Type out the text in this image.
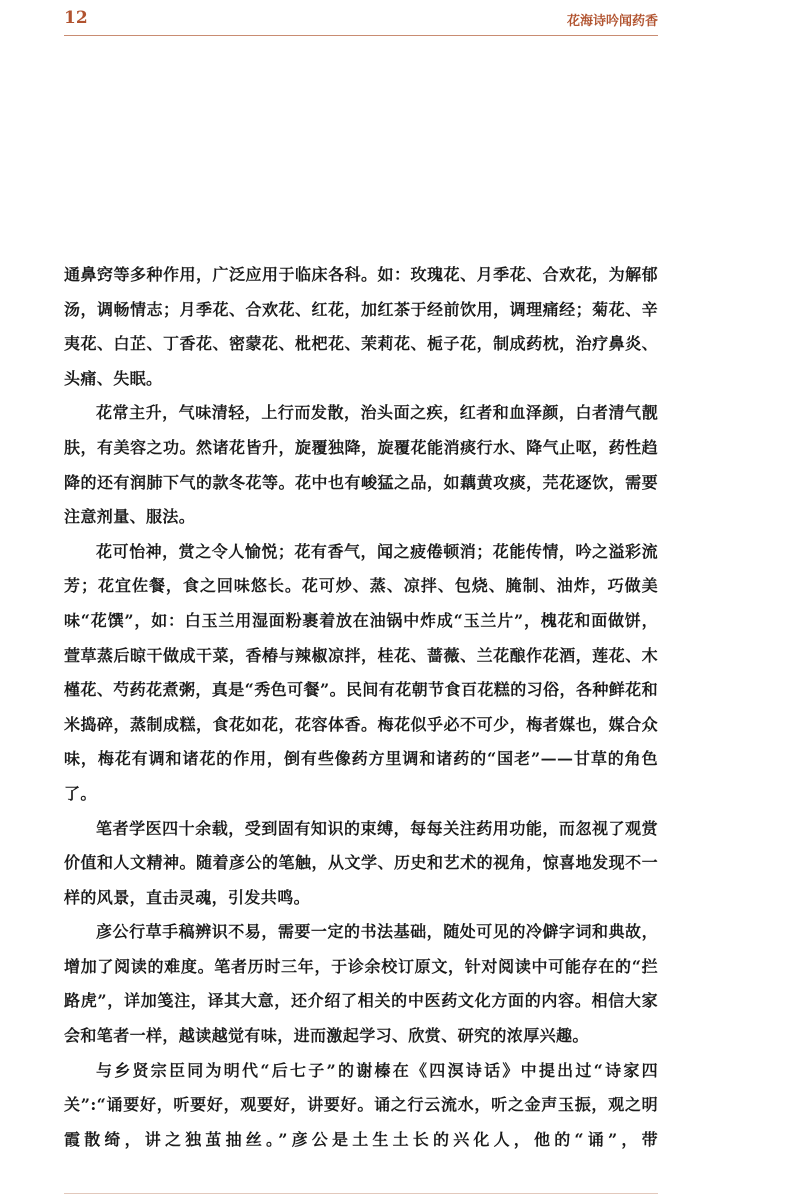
12	花海诗吟闻药香

通鼻窍等多种作用，广泛应用于临床各科。如：玫瑰花、月季花、合欢花，为解郁汤，调畅情志；月季花、合欢花、红花，加红茶于经前饮用，调理痛经；菊花、辛夷花、白芷、丁香花、密蒙花、枇杷花、茉莉花、栀子花，制成药枕，治疗鼻炎、头痛、失眠。

花常主升，气味清轻，上行而发散，治头面之疾，红者和血泽颜，白者清气靓肤，有美容之功。然诸花皆升，旋覆独降，旋覆花能消痰行水、降气止呕，药性趋降的还有润肺下气的款冬花等。花中也有峻猛之品，如藕黄攻痰，芫花逐饮，需要注意剂量、服法。

花可怡神，赏之令人愉悦；花有香气，闻之疲倦顿消；花能传情，吟之溢彩流芳；花宜佐餐，食之回味悠长。花可炒、蒸、凉拌、包烧、腌制、油炸，巧做美味“花馔”，如：白玉兰用湿面粉裹着放在油锅中炸成“玉兰片”，槐花和面做饼，萱草蒸后晾干做成干菜，香椿与辣椒凉拌，桂花、蔷薇、兰花酿作花酒，莲花、木槿花、芍药花煮粥，真是“秀色可餐”。民间有花朝节食百花糕的习俗，各种鲜花和米捣碎，蒸制成糕，食花如花，花容体香。梅花似乎必不可少，梅者媒也，媒合众味，梅花有调和诸花的作用，倒有些像药方里调和诸药的“国老”——甘草的角色了。

笔者学医四十余载，受到固有知识的束缚，每每关注药用功能，而忽视了观赏价值和人文精神。随着彦公的笔触，从文学、历史和艺术的视角，惊喜地发现不一样的风景，直击灵魂，引发共鸣。

彦公行草手稿辨识不易，需要一定的书法基础，随处可见的冷僻字词和典故，增加了阅读的难度。笔者历时三年，于诊余校订原文，针对阅读中可能存在的“拦路虎”，详加笺注，译其大意，还介绍了相关的中医药文化方面的内容。相信大家会和笔者一样，越读越觉有味，进而激起学习、欣赏、研究的浓厚兴趣。

与乡贤宗臣同为明代“后七子”的谢榛在《四溟诗话》中提出过“诗家四关”:“诵要好，听要好，观要好，讲要好。诵之行云流水，听之金声玉振，观之明霞散绮，讲之独茧抽丝。”彦公是土生土长的兴化人，他的“诵”，带
